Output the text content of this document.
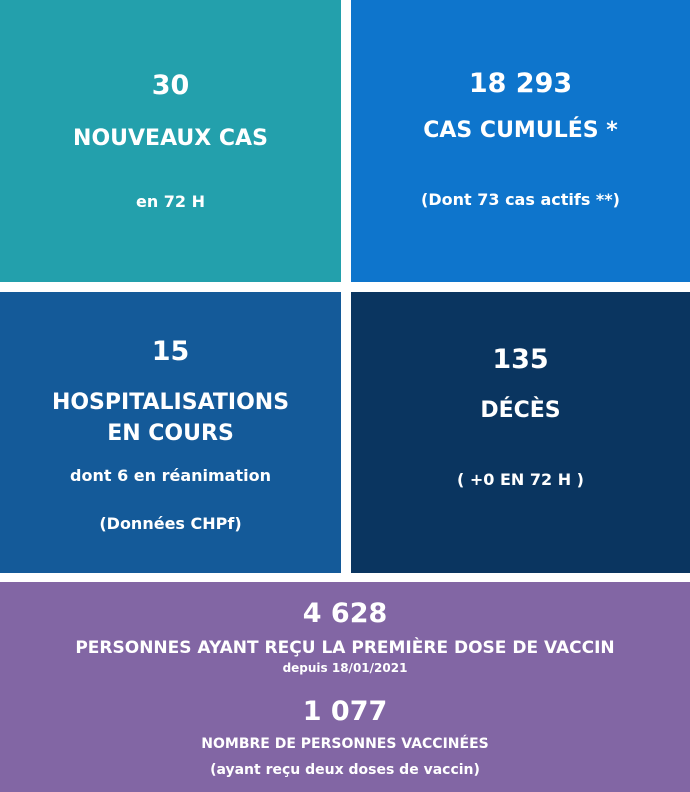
30
NOUVEAUX CAS
en 72 H
18 293
CAS CUMULÉS *
(Dont 73 cas actifs **)
15
HOSPITALISATIONS
EN COURS
dont 6 en réanimation
(Données CHPf)
135
DÉCÈS
( +0 EN 72 H )
4 628
PERSONNES AYANT REÇU LA PREMIÈRE DOSE DE VACCIN
depuis 18/01/2021
1 077
NOMBRE DE PERSONNES VACCINÉES
(ayant reçu deux doses de vaccin)
